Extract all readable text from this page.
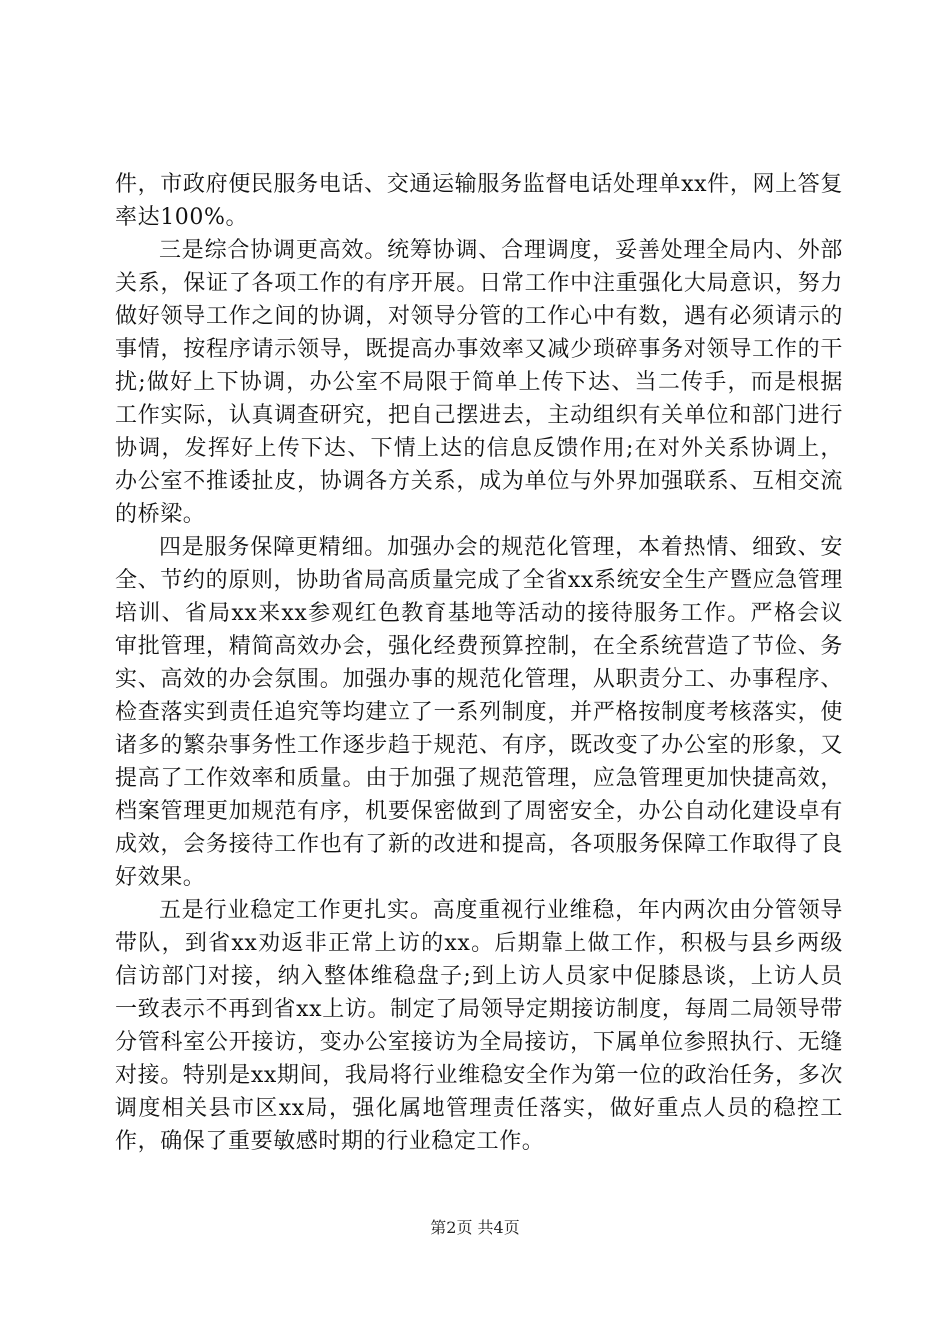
件，市政府便民服务电话、交通运输服务监督电话处理单xx件，网上答复率达100%。

三是综合协调更高效。统筹协调、合理调度，妥善处理全局内、外部关系，保证了各项工作的有序开展。日常工作中注重强化大局意识，努力做好领导工作之间的协调，对领导分管的工作心中有数，遇有必须请示的事情，按程序请示领导，既提高办事效率又减少琐碎事务对领导工作的干扰;做好上下协调，办公室不局限于简单上传下达、当二传手，而是根据工作实际，认真调查研究，把自己摆进去，主动组织有关单位和部门进行协调，发挥好上传下达、下情上达的信息反馈作用;在对外关系协调上，办公室不推诿扯皮，协调各方关系，成为单位与外界加强联系、互相交流的桥梁。

四是服务保障更精细。加强办会的规范化管理，本着热情、细致、安全、节约的原则，协助省局高质量完成了全省xx系统安全生产暨应急管理培训、省局xx来xx参观红色教育基地等活动的接待服务工作。严格会议审批管理，精简高效办会，强化经费预算控制，在全系统营造了节俭、务实、高效的办会氛围。加强办事的规范化管理，从职责分工、办事程序、检查落实到责任追究等均建立了一系列制度，并严格按制度考核落实，使诸多的繁杂事务性工作逐步趋于规范、有序，既改变了办公室的形象，又提高了工作效率和质量。由于加强了规范管理，应急管理更加快捷高效，档案管理更加规范有序，机要保密做到了周密安全，办公自动化建设卓有成效，会务接待工作也有了新的改进和提高，各项服务保障工作取得了良好效果。

五是行业稳定工作更扎实。高度重视行业维稳，年内两次由分管领导带队，到省xx劝返非正常上访的xx。后期靠上做工作，积极与县乡两级信访部门对接，纳入整体维稳盘子;到上访人员家中促膝恳谈，上访人员一致表示不再到省xx上访。制定了局领导定期接访制度，每周二局领导带分管科室公开接访，变办公室接访为全局接访，下属单位参照执行、无缝对接。特别是xx期间，我局将行业维稳安全作为第一位的政治任务，多次调度相关县市区xx局，强化属地管理责任落实，做好重点人员的稳控工作，确保了重要敏感时期的行业稳定工作。

第2页 共4页
